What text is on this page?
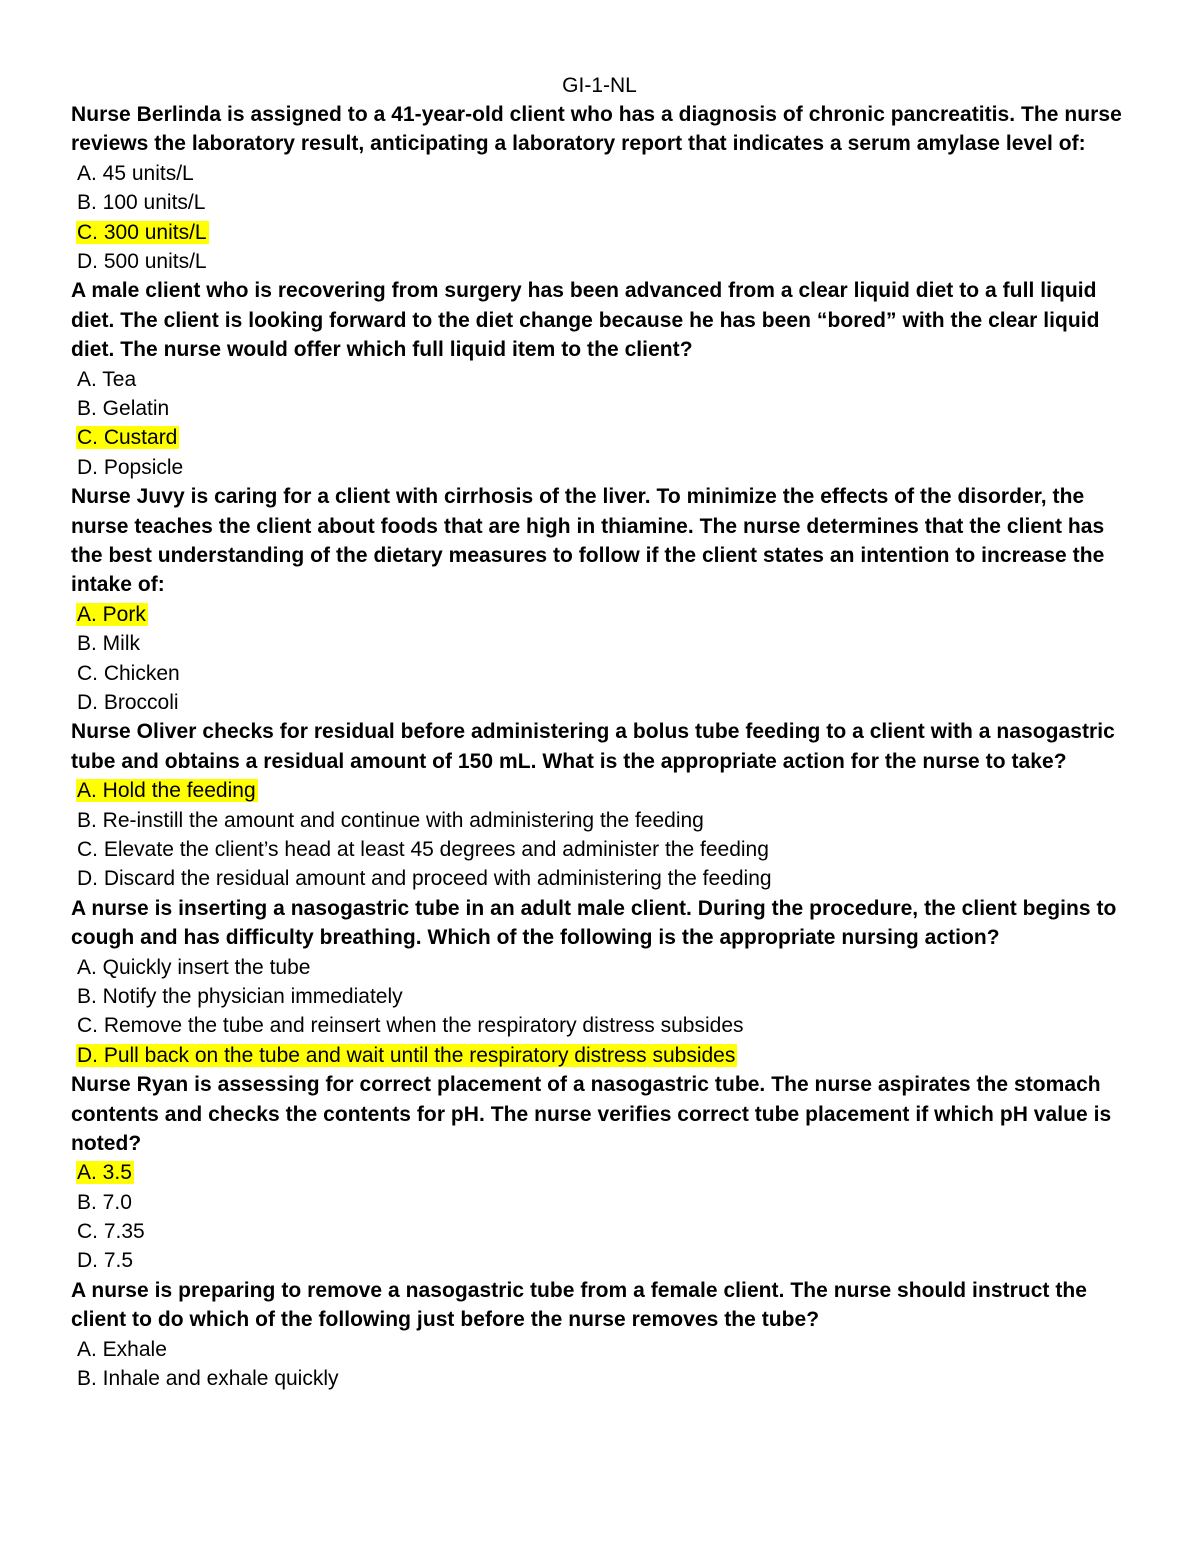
GI-1-NL

Nurse Berlinda is assigned to a 41-year-old client who has a diagnosis of chronic pancreatitis. The nurse reviews the laboratory result, anticipating a laboratory report that indicates a serum amylase level of:

A. 45 units/L

B. 100 units/L

C. 300 units/L

D. 500 units/L

A male client who is recovering from surgery has been advanced from a clear liquid diet to a full liquid diet. The client is looking forward to the diet change because he has been “bored” with the clear liquid diet. The nurse would offer which full liquid item to the client?

A. Tea

B. Gelatin

C. Custard

D. Popsicle

Nurse Juvy is caring for a client with cirrhosis of the liver. To minimize the effects of the disorder, the nurse teaches the client about foods that are high in thiamine. The nurse determines that the client has the best understanding of the dietary measures to follow if the client states an intention to increase the intake of:

A. Pork

B. Milk

C. Chicken

D. Broccoli

Nurse Oliver checks for residual before administering a bolus tube feeding to a client with a nasogastric tube and obtains a residual amount of 150 mL. What is the appropriate action for the nurse to take?

A. Hold the feeding

B. Re-instill the amount and continue with administering the feeding

C. Elevate the client’s head at least 45 degrees and administer the feeding

D. Discard the residual amount and proceed with administering the feeding

A nurse is inserting a nasogastric tube in an adult male client. During the procedure, the client begins to cough and has difficulty breathing. Which of the following is the appropriate nursing action?

A. Quickly insert the tube

B. Notify the physician immediately

C. Remove the tube and reinsert when the respiratory distress subsides

D. Pull back on the tube and wait until the respiratory distress subsides

Nurse Ryan is assessing for correct placement of a nasogastric tube. The nurse aspirates the stomach contents and checks the contents for pH. The nurse verifies correct tube placement if which pH value is noted?

A. 3.5

B. 7.0

C. 7.35

D. 7.5

A nurse is preparing to remove a nasogastric tube from a female client. The nurse should instruct the client to do which of the following just before the nurse removes the tube?

A. Exhale

B. Inhale and exhale quickly
